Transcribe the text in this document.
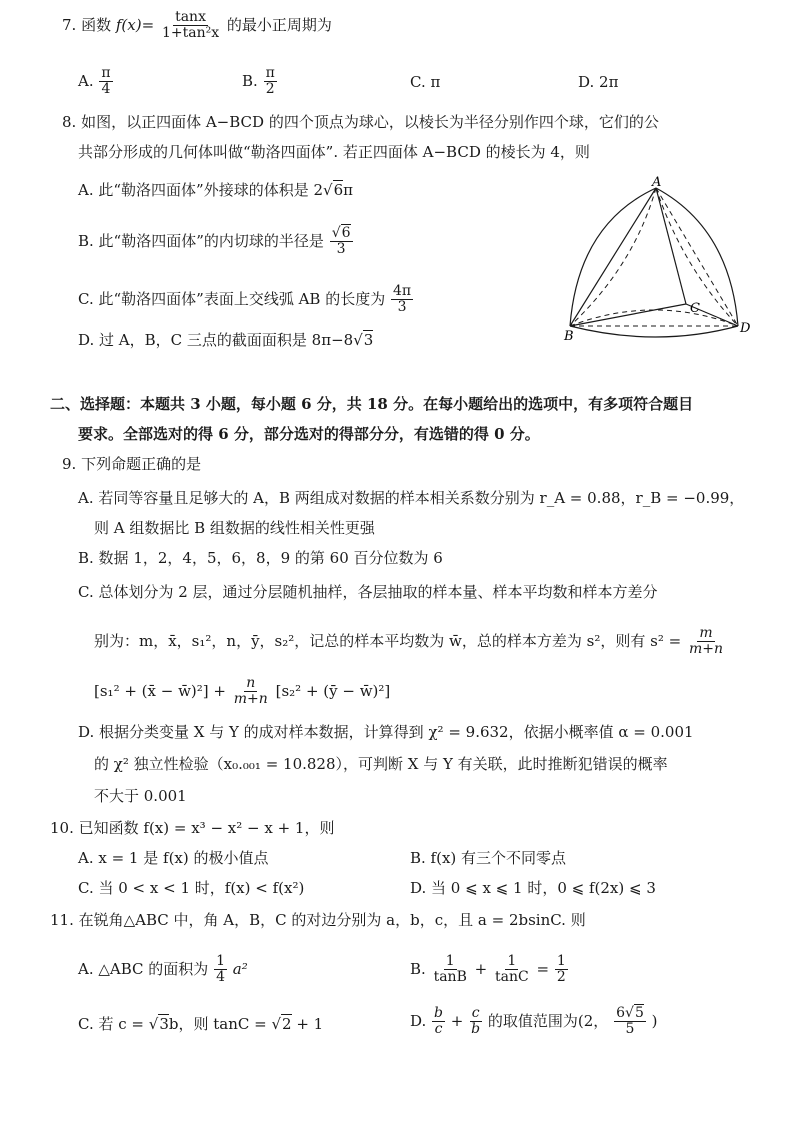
7. 函数 $f(x)= \frac{\tan x}{\text{1+tan²x}}$ 的最小正周期为
A. $\frac{\pi}{4}$	B. $\frac{\pi}{2}$	C. π	D. 2π
8. 如图，以正四面体 A−BCD 的四个顶点为球心，以棱长为半径分别作四个球，它们的公
共部分形成的几何体叫做“勒洛四面体”. 若正四面体 A−BCD 的棱长为 4，则
A. 此“勒洛四面体”外接球的体积是 2√6π
B. 此“勒洛四面体”的内切球的半径是 $\frac{√6}{3}$
C. 此“勒洛四面体”表面上交线弧 AB 的长度为 $\frac{4\pi}{3}$
D. 过 A，B，C 三点的截面面积是 8π−8√3
A
B
C
D
二、选择题：本题共 3 小题，每小题 6 分，共 18 分。在每小题给出的选项中，有多项符合题目
要求。全部选对的得 6 分，部分选对的得部分分，有选错的得 0 分。
9. 下列命题正确的是
A. 若同等容量且足够大的 A，B 两组成对数据的样本相关系数分别为 r_A = 0.88，r_B = −0.99，
则 A 组数据比 B 组数据的线性相关性更强
B. 数据 1，2，4，5，6，8，9 的第 60 百分位数为 6
C. 总体划分为 2 层，通过分层随机抽样，各层抽取的样本量、样本平均数和样本方差分
别为：m，x̄，s₁²，n，ȳ，s₂²，记总的样本平均数为 w̄，总的样本方差为 s²，则有 $s^2 = \frac{m}{m+n}$
[s₁² + (x̄ − w̄)²] + $\frac{n}{m+n} [s_2^2$ + (ȳ − w̄)²]
D. 根据分类变量 X 与 Y 的成对样本数据，计算得到 χ² = 9.632，依据小概率值 α = 0.001
的 χ² 独立性检验（x₀.₀₀₁ = 10.828），可判断 X 与 Y 有关联，此时推断犯错误的概率
不大于 0.001
10. 已知函数 f(x) = x³ − x² − x + 1，则
A. x = 1 是 f(x) 的极小值点	B. f(x) 有三个不同零点
C. 当 0 < x < 1 时，f(x) < f(x²)	D. 当 0 ⩽ x ⩽ 1 时，0 ⩽ f(2x) ⩽ 3
11. 在锐角△ABC 中，角 A，B，C 的对边分别为 a，b，c，且 a = 2bsinC. 则
A. △ABC 的面积为 $\frac{1}{4} a^2$	B. $\frac{1}{\tan B} + \frac{1}{\tan C} = \frac{1}{2}$
C. 若 c = √3b，则 tanC = √2 + 1	D. $\frac{b}{c} + \frac{c}{b}$ 的取值范围为(2， $\frac{6√5}{5}$ )
